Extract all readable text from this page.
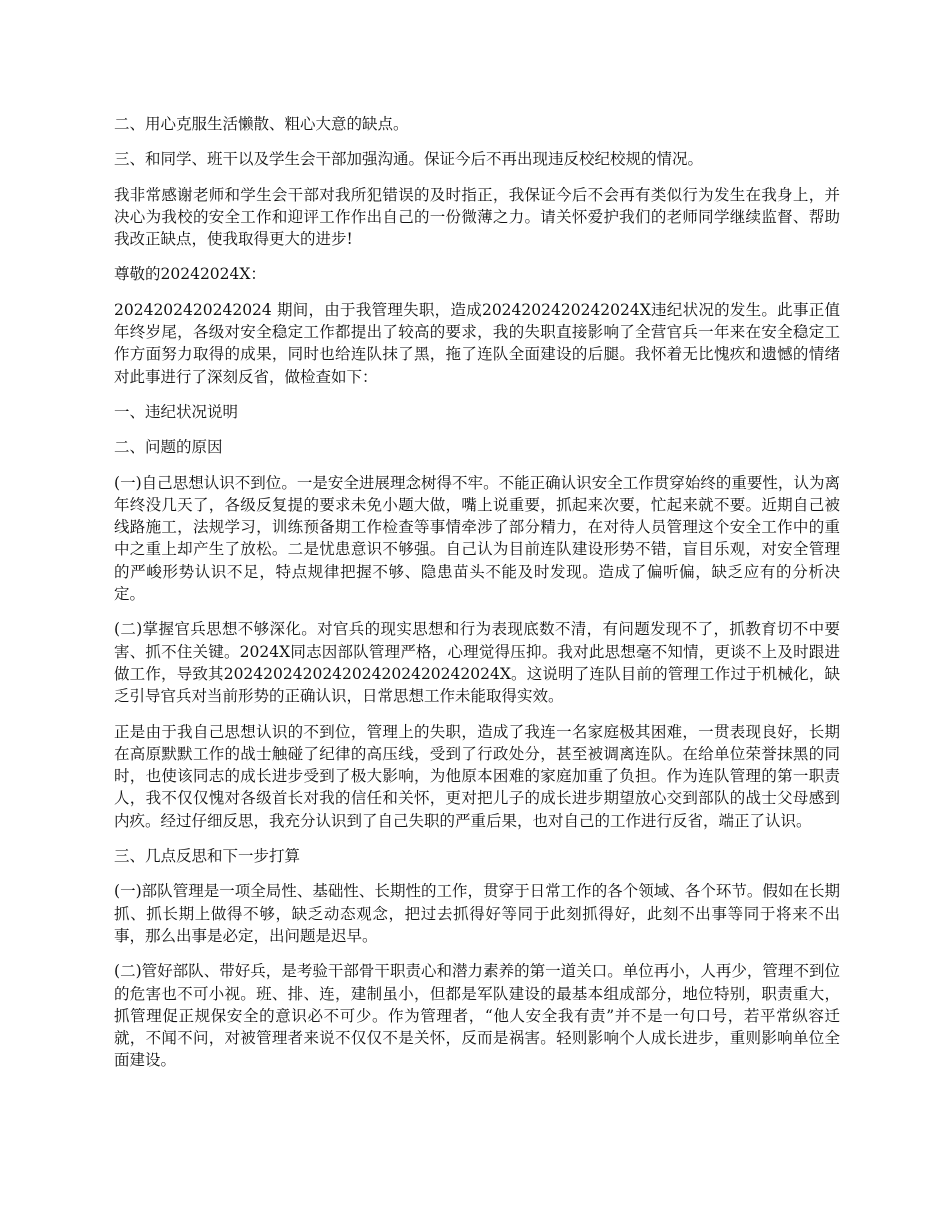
二、用心克服生活懒散、粗心大意的缺点。

三、和同学、班干以及学生会干部加强沟通。保证今后不再出现违反校纪校规的情况。

我非常感谢老师和学生会干部对我所犯错误的及时指正，我保证今后不会再有类似行为发生在我身上，并决心为我校的安全工作和迎评工作作出自己的一份微薄之力。请关怀爱护我们的老师同学继续监督、帮助我改正缺点，使我取得更大的进步!

尊敬的20242024X：

2024202420242024 期间，由于我管理失职，造成2024202420242024X违纪状况的发生。此事正值年终岁尾，各级对安全稳定工作都提出了较高的要求，我的失职直接影响了全营官兵一年来在安全稳定工作方面努力取得的成果，同时也给连队抹了黑，拖了连队全面建设的后腿。我怀着无比愧疚和遗憾的情绪对此事进行了深刻反省，做检查如下：

一、违纪状况说明

二、问题的原因

(一)自己思想认识不到位。一是安全进展理念树得不牢。不能正确认识安全工作贯穿始终的重要性，认为离年终没几天了，各级反复提的要求未免小题大做，嘴上说重要，抓起来次要，忙起来就不要。近期自己被线路施工，法规学习，训练预备期工作检查等事情牵涉了部分精力，在对待人员管理这个安全工作中的重中之重上却产生了放松。二是忧患意识不够强。自己认为目前连队建设形势不错，盲目乐观，对安全管理的严峻形势认识不足，特点规律把握不够、隐患苗头不能及时发现。造成了偏听偏，缺乏应有的分析决定。

(二)掌握官兵思想不够深化。对官兵的现实思想和行为表现底数不清，有问题发现不了，抓教育切不中要害、抓不住关键。2024X同志因部队管理严格，心理觉得压抑。我对此思想毫不知情，更谈不上及时跟进做工作，导致其2024202420242024202420242024X。这说明了连队目前的管理工作过于机械化，缺乏引导官兵对当前形势的正确认识，日常思想工作未能取得实效。

正是由于我自己思想认识的不到位，管理上的失职，造成了我连一名家庭极其困难，一贯表现良好，长期在高原默默工作的战士触碰了纪律的高压线，受到了行政处分，甚至被调离连队。在给单位荣誉抹黑的同时，也使该同志的成长进步受到了极大影响，为他原本困难的家庭加重了负担。作为连队管理的第一职责人，我不仅仅愧对各级首长对我的信任和关怀，更对把儿子的成长进步期望放心交到部队的战士父母感到内疚。经过仔细反思，我充分认识到了自己失职的严重后果，也对自己的工作进行反省，端正了认识。

三、几点反思和下一步打算

(一)部队管理是一项全局性、基础性、长期性的工作，贯穿于日常工作的各个领域、各个环节。假如在长期抓、抓长期上做得不够，缺乏动态观念，把过去抓得好等同于此刻抓得好，此刻不出事等同于将来不出事，那么出事是必定，出问题是迟早。

(二)管好部队、带好兵，是考验干部骨干职责心和潜力素养的第一道关口。单位再小，人再少，管理不到位的危害也不可小视。班、排、连，建制虽小，但都是军队建设的最基本组成部分，地位特别，职责重大，抓管理促正规保安全的意识必不可少。作为管理者，“他人安全我有责”并不是一句口号，若平常纵容迁就，不闻不问，对被管理者来说不仅仅不是关怀，反而是祸害。轻则影响个人成长进步，重则影响单位全面建设。
